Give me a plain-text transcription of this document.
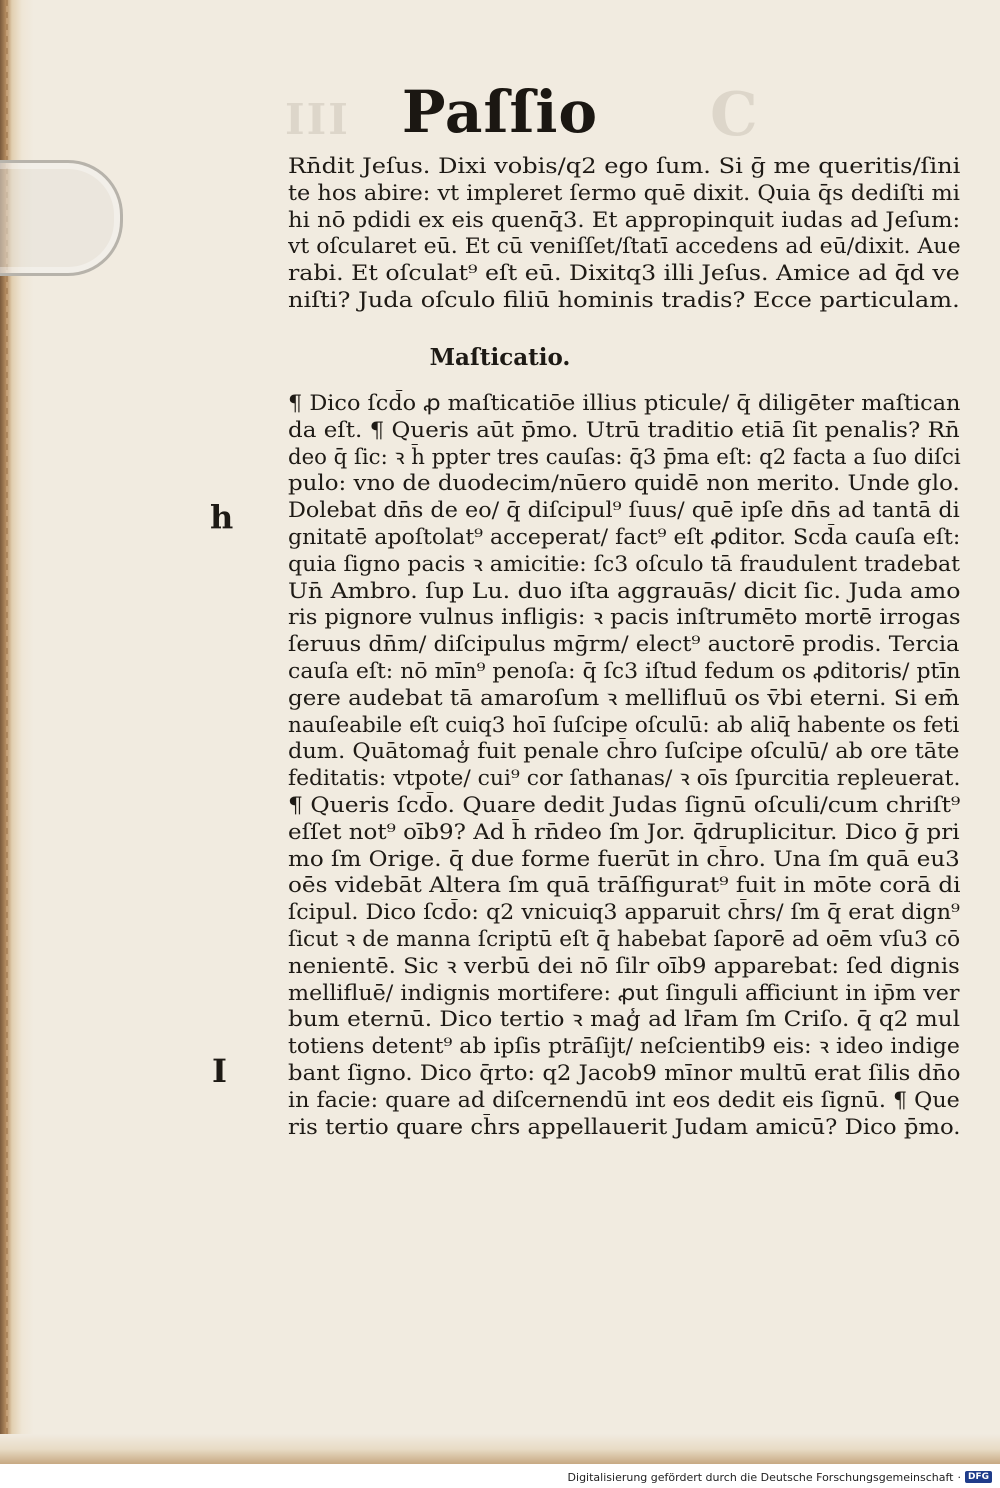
III	C
Paſſio
Rn̄dit Jeſus. Dixi vobis/q2 ego ſum. Si ḡ me queritis/ſini
te hos abire: vt impleret ſermo quē dixit. Quia q̄s dediſti mi
hi nō pdidi ex eis quenq̄3. Et appropinquit iudas ad Jeſum:
vt oſcularet eū. Et cū veniſſet/ſtatī accedens ad eū/dixit. Aue
rabi. Et oſculat⁹ eſt eū. Dixitq3 illi Jeſus. Amice ad q̄d ve
niſti? Juda oſculo filiū hominis tradis? Ecce particulam.
Maſticatio.
¶ Dico ſcd̄o ꝓ maſticatiōe illius pticule/ q̄ diligēter maſtican
da eſt. ¶ Queris aūt p̄mo. Utrū traditio etiā ſit penalis? Rn̄
deo q̄ ſic: ꝛ h̄ ppter tres cauſas: q̄3 p̄ma eſt: q2 facta a ſuo diſci
pulo: vno de duodecim/nūero quidē non merito. Unde glo.
Dolebat dn̄s de eo/ q̄ diſcipul⁹ ſuus/ quē ipſe dn̄s ad tantā di
gnitatē apoſtolat⁹ acceperat/ fact⁹ eſt ꝓditor. Scd̄a cauſa eſt:
quia ſigno pacis ꝛ amicitie: ſc3 oſculo tā fraudulent tradebat
Un̄ Ambro. ſup Lu. duo iſta aggrauās/ dicit ſic. Juda amo
ris pignore vulnus infligis: ꝛ pacis inſtrumēto mortē irrogas
ſeruus dn̄m/ diſcipulus mḡrm/ elect⁹ auctorē prodis. Tercia
cauſa eſt: nō mīn⁹ penoſa: q̄ ſc3 iſtud fedum os ꝓditoris/ ptīn
gere audebat tā amaroſum ꝛ mellifluū os v̄bi eterni. Si em̄
nauſeabile eſt cuiq3 hoī ſuſcipe oſculū: ab aliq̄ habente os feti
dum. Quātomag̾ fuit penale ch̄ro ſuſcipe oſculū/ ab ore tāte
feditatis: vtpote/ cui⁹ cor ſathanas/ ꝛ oīs ſpurcitia repleuerat.
¶ Queris ſcd̄o. Quare dedit Judas ſignū oſculi/cum chriſt⁹
eſſet not⁹ oīb9? Ad h̄ rn̄deo ſm Jor. q̄druplicitur. Dico ḡ pri
mo ſm Orige. q̄ due forme fuerūt in ch̄ro. Una ſm quā eu3
oēs videbāt Altera ſm quā trāſfigurat⁹ fuit in mōte corā di
ſcipul. Dico ſcd̄o: q2 vnicuiq3 apparuit ch̄rs/ ſm q̄ erat dign⁹
ſicut ꝛ de manna ſcriptū eſt q̄ habebat ſaporē ad oēm vſu3 cō
nenientē. Sic ꝛ verbū dei nō ſilr oīb9 apparebat: ſed dignis
mellifluē/ indignis mortifere: ꝓut ſinguli afficiunt in ip̄m ver
bum eternū. Dico tertio ꝛ mag̾ ad lr̄am ſm Criſo. q̄ q2 mul
totiens detent⁹ ab ipſis ptrāſijt/ neſcientib9 eis: ꝛ ideo indige
bant ſigno. Dico q̄rto: q2 Jacob9 mīnor multū erat ſilis dn̄o
in facie: quare ad diſcernendū int eos dedit eis ſignū. ¶ Que
ris tertio quare ch̄rs appellauerit Judam amicū? Dico p̄mo.
h
I
Digitalisierung gefördert durch die Deutsche Forschungsgemeinschaft · DFG
